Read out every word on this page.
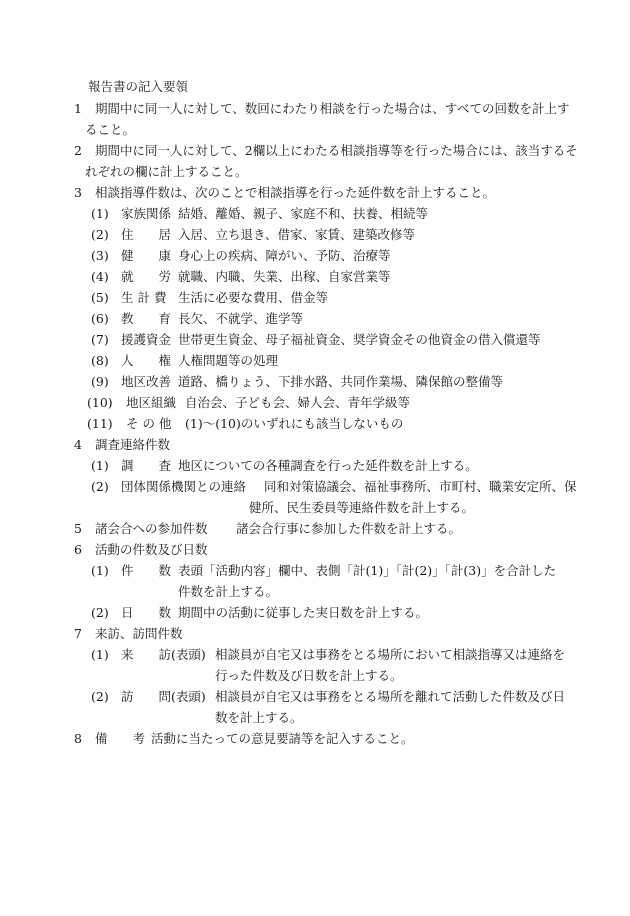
報告書の記入要領
1 期間中に同一人に対して、数回にわたり相談を行った場合は、すべての回数を計上す
ること。
2 期間中に同一人に対して、2欄以上にわたる相談指導等を行った場合には、該当するそ
れぞれの欄に計上すること。
3 相談指導件数は、次のことで相談指導を行った延件数を計上すること。
(1) 家族関係 結婚、離婚、親子、家庭不和、扶養、相続等
(2) 住　　居 入居、立ち退き、借家、家賃、建築改修等
(3) 健　　康 身心上の疾病、障がい、予防、治療等
(4) 就　　労 就職、内職、失業、出稼、自家営業等
(5) 生 計 費 生活に必要な費用、借金等
(6) 教　　育 長欠、不就学、進学等
(7) 援護資金 世帯更生資金、母子福祉資金、奨学資金その他資金の借入償還等
(8) 人　　権 人権問題等の処理
(9) 地区改善 道路、橋りょう、下排水路、共同作業場、隣保館の整備等
(10) 地区組織 自治会、子ども会、婦人会、青年学級等
(11) そ の 他 (1)～(10)のいずれにも該当しないもの
4 調査連絡件数
(1) 調　　査 地区についての各種調査を行った延件数を計上する。
(2) 団体関係機関との連絡 同和対策協議会、福祉事務所、市町村、職業安定所、保
健所、民生委員等連絡件数を計上する。
5 諸会合への参加件数 諸会合行事に参加した件数を計上する。
6 活動の件数及び日数
(1) 件　　数 表頭「活動内容」欄中、表側「計(1)」「計(2)」「計(3)」を合計した
件数を計上する。
(2) 日　　数 期間中の活動に従事した実日数を計上する。
7 来訪、訪問件数
(1) 来　　訪(表頭) 相談員が自宅又は事務をとる場所において相談指導又は連絡を
行った件数及び日数を計上する。
(2) 訪　　問(表頭) 相談員が自宅又は事務をとる場所を離れて活動した件数及び日
数を計上する。
8 備　　考 活動に当たっての意見要請等を記入すること。
